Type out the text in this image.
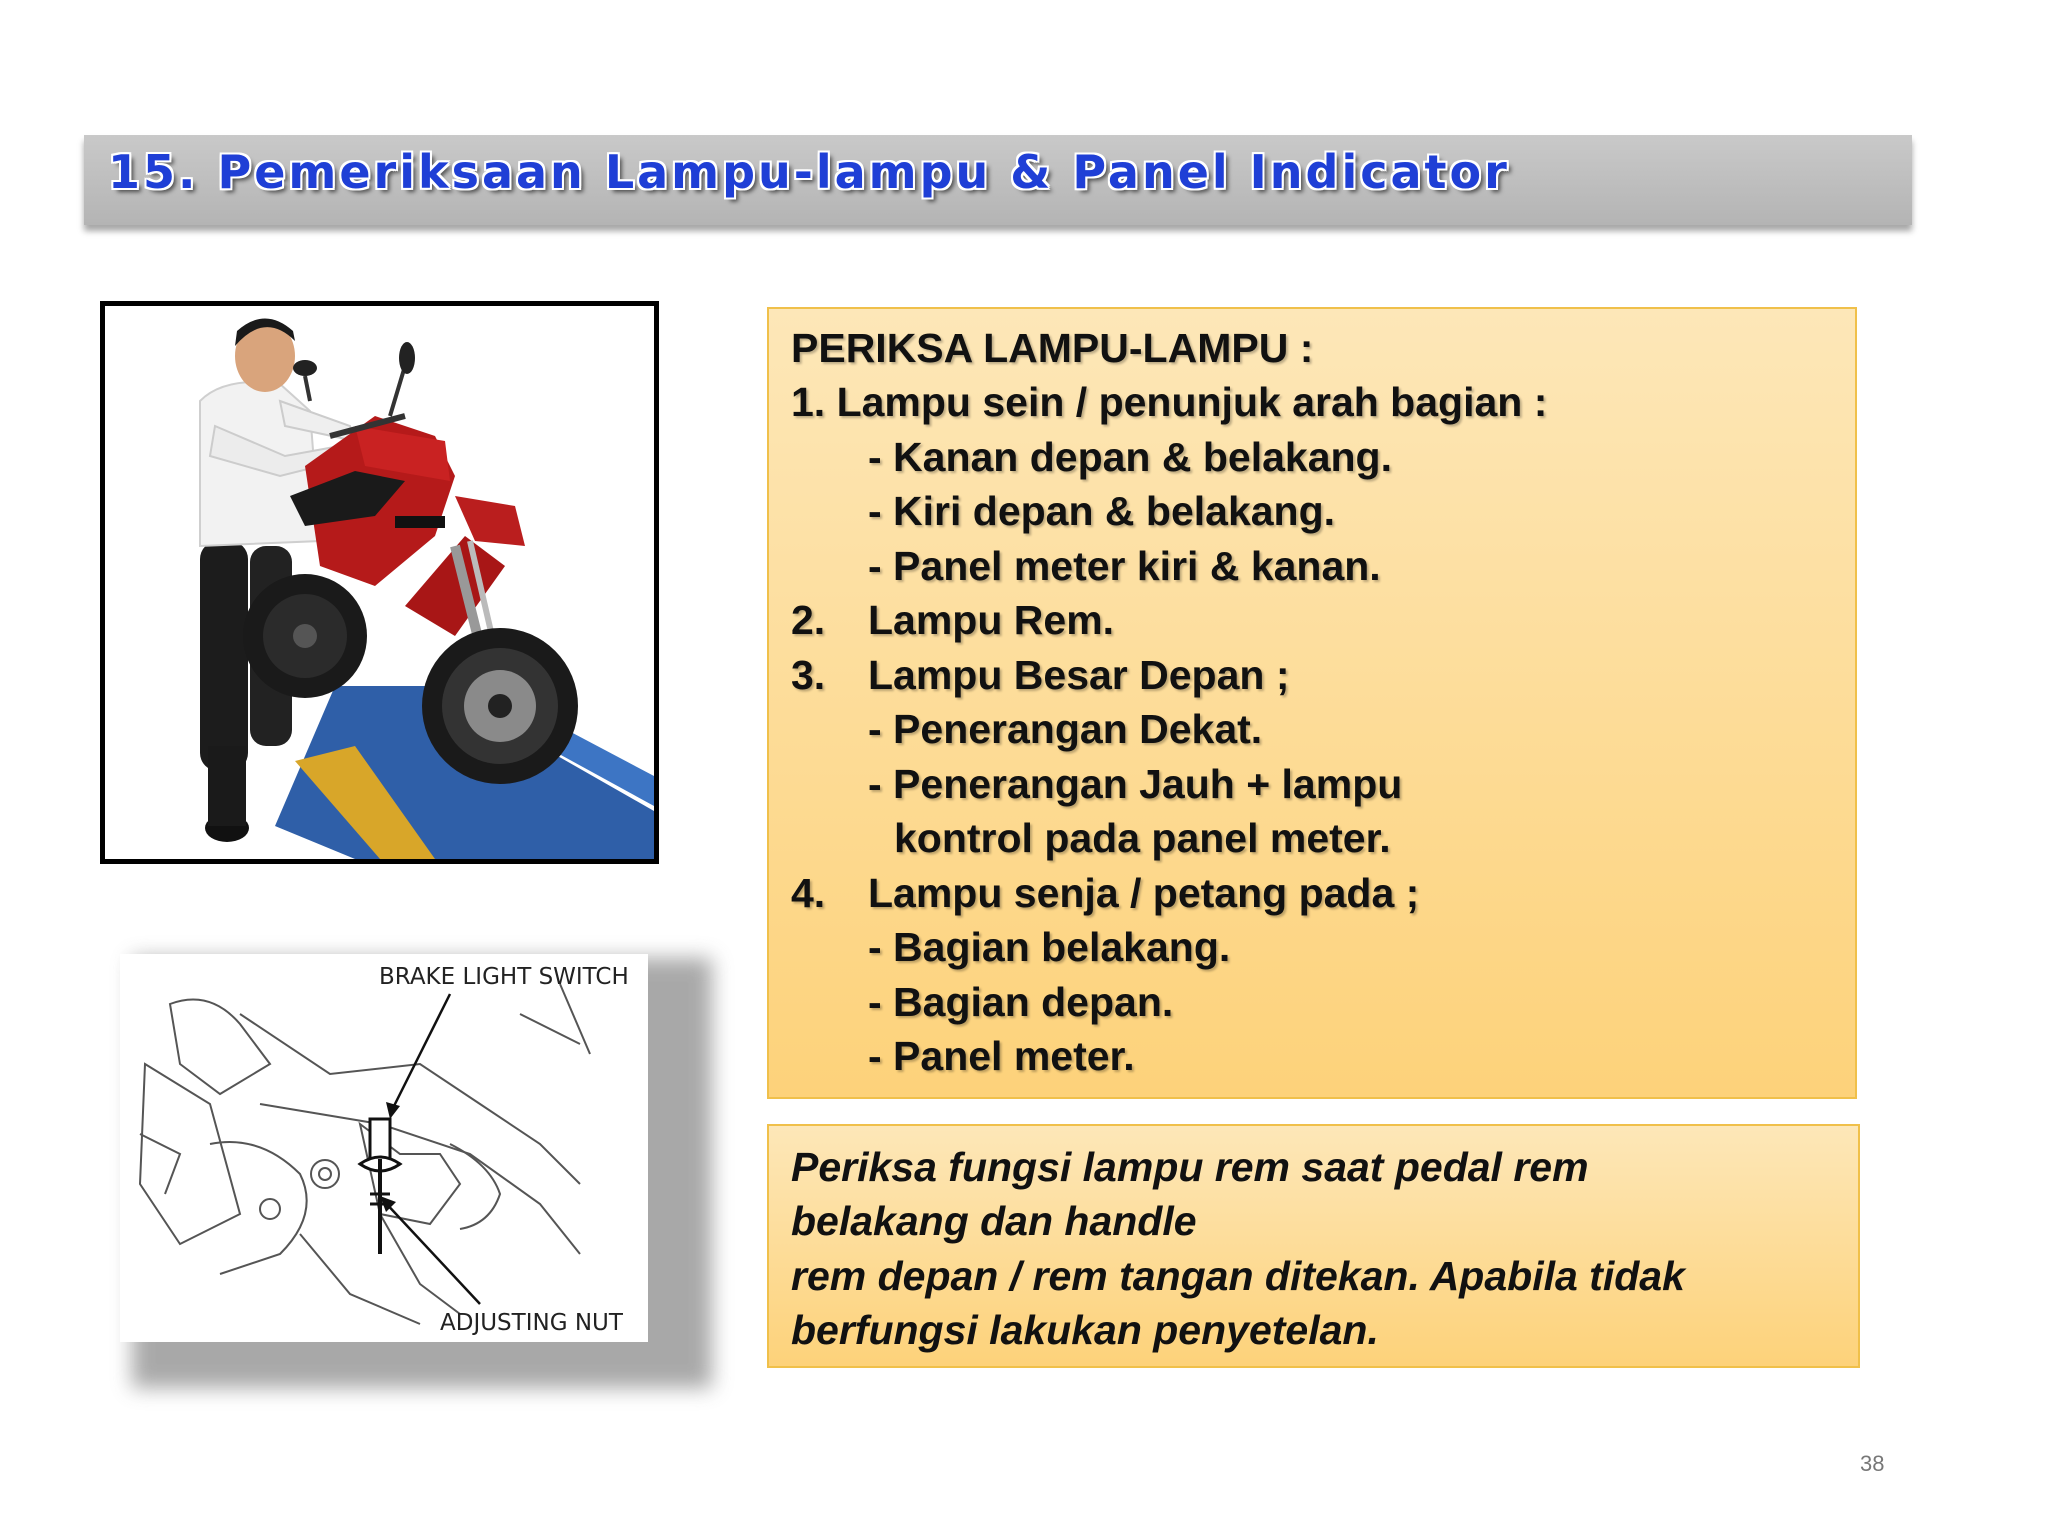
15. Pemeriksaan Lampu-lampu & Panel Indicator
BRAKE LIGHT SWITCH
ADJUSTING NUT
PERIKSA LAMPU-LAMPU :
1. Lampu sein / penunjuk arah bagian :
- Kanan depan & belakang.
- Kiri depan & belakang.
- Panel meter kiri & kanan.
2. Lampu Rem.
3. Lampu Besar Depan ;
- Penerangan Dekat.
- Penerangan Jauh + lampu
kontrol pada panel meter.
4. Lampu senja / petang pada ;
- Bagian belakang.
- Bagian depan.
- Panel meter.
Periksa fungsi lampu rem saat pedal rem
belakang dan handle
rem depan / rem tangan ditekan. Apabila tidak
berfungsi lakukan penyetelan.
38
